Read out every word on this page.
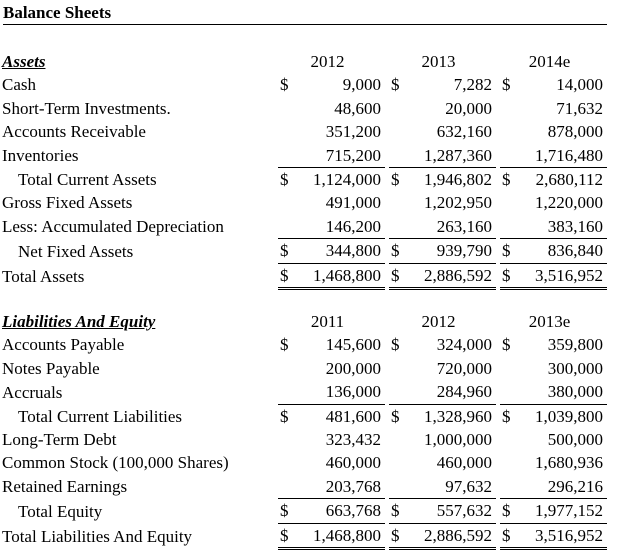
Balance Sheets
Assets	2012	2013	2014e
Cash	$ 9,000	$ 7,282	$ 14,000

Short-Term Investments.	48,600	20,000	71,632

Accounts Receivable	351,200	632,160	878,000

Inventories	715,200	1,287,360	1,716,480

Total Current Assets	$ 1,124,000	$ 1,946,802	$ 2,680,112

Gross Fixed Assets	491,000	1,202,950	1,220,000

Less: Accumulated Depreciation	146,200	263,160	383,160

Net Fixed Assets	$ 344,800	$ 939,790	$ 836,840

Total Assets	$ 1,468,800	$ 2,886,592	$ 3,516,952
Liabilities And Equity	2011	2012	2013e
Accounts Payable	$ 145,600	$ 324,000	$ 359,800

Notes Payable	200,000	720,000	300,000

Accruals	136,000	284,960	380,000

Total Current Liabilities	$ 481,600	$ 1,328,960	$ 1,039,800

Long-Term Debt	323,432	1,000,000	500,000

Common Stock (100,000 Shares)	460,000	460,000	1,680,936

Retained Earnings	203,768	97,632	296,216

Total Equity	$ 663,768	$ 557,632	$ 1,977,152

Total Liabilities And Equity	$ 1,468,800	$ 2,886,592	$ 3,516,952
